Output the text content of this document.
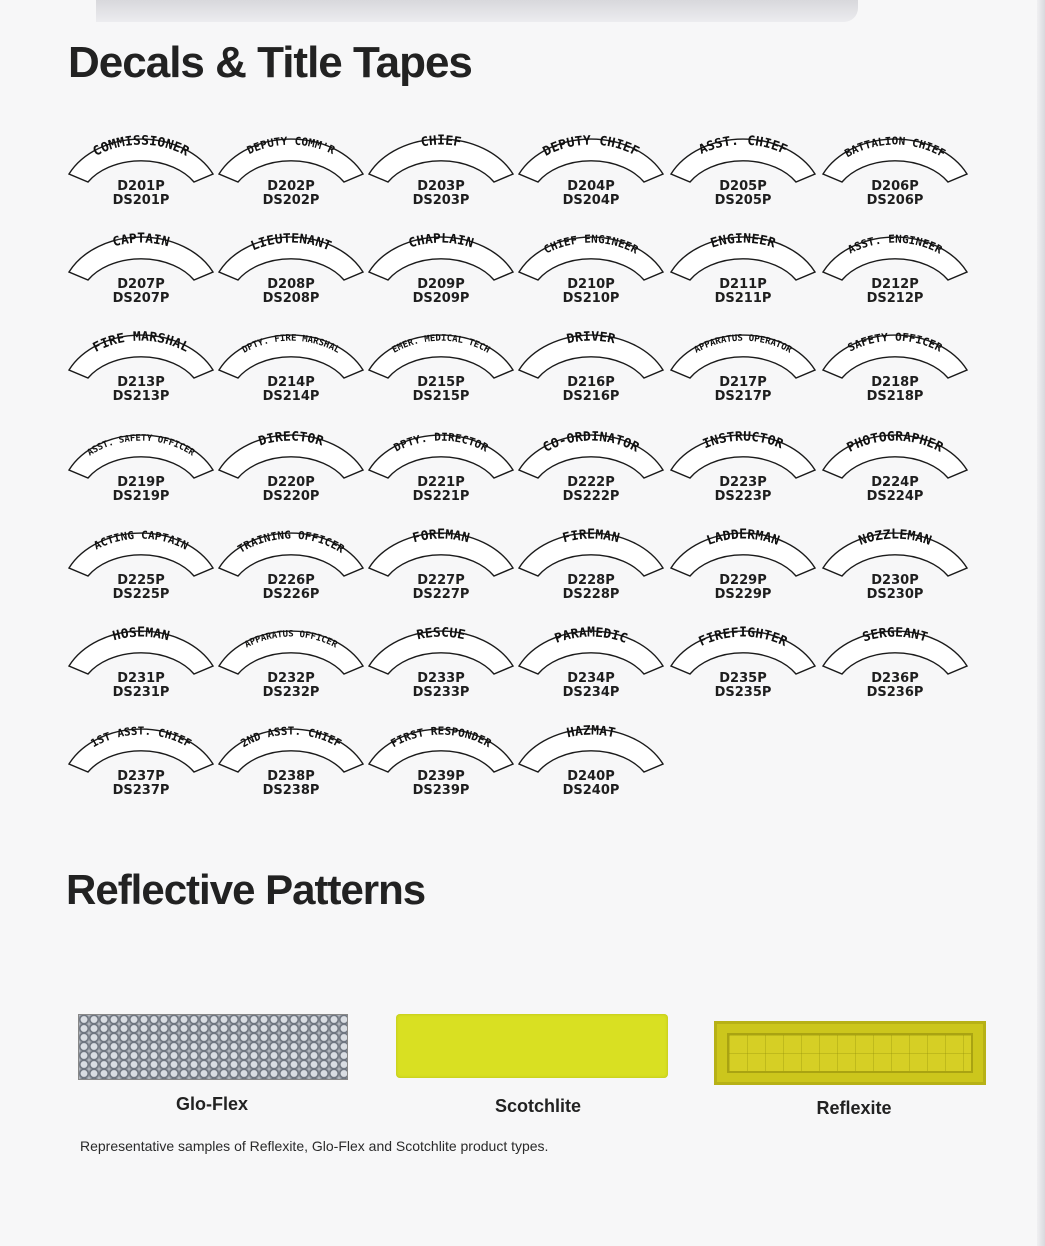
Decals & Title Tapes
COMMISSIONER
D201P
DS201P
DEPUTY COMM'R
D202P
DS202P
CHIEF
D203P
DS203P
DEPUTY CHIEF
D204P
DS204P
ASST. CHIEF
D205P
DS205P
BATTALION CHIEF
D206P
DS206P
CAPTAIN
D207P
DS207P
LIEUTENANT
D208P
DS208P
CHAPLAIN
D209P
DS209P
CHIEF ENGINEER
D210P
DS210P
ENGINEER
D211P
DS211P
ASST. ENGINEER
D212P
DS212P
FIRE MARSHAL
D213P
DS213P
DPTY. FIRE MARSHAL
D214P
DS214P
EMER. MEDICAL TECH
D215P
DS215P
DRIVER
D216P
DS216P
APPARATUS OPERATOR
D217P
DS217P
SAFETY OFFICER
D218P
DS218P
ASST. SAFETY OFFICER
D219P
DS219P
DIRECTOR
D220P
DS220P
DPTY. DIRECTOR
D221P
DS221P
CO-ORDINATOR
D222P
DS222P
INSTRUCTOR
D223P
DS223P
PHOTOGRAPHER
D224P
DS224P
ACTING CAPTAIN
D225P
DS225P
TRAINING OFFICER
D226P
DS226P
FOREMAN
D227P
DS227P
FIREMAN
D228P
DS228P
LADDERMAN
D229P
DS229P
NOZZLEMAN
D230P
DS230P
HOSEMAN
D231P
DS231P
APPARATUS OFFICER
D232P
DS232P
RESCUE
D233P
DS233P
PARAMEDIC
D234P
DS234P
FIREFIGHTER
D235P
DS235P
SERGEANT
D236P
DS236P
1ST ASST. CHIEF
D237P
DS237P
2ND ASST. CHIEF
D238P
DS238P
FIRST RESPONDER
D239P
DS239P
HAZMAT
D240P
DS240P
Reflective Patterns
Glo-Flex	Scotchlite	Reflexite
Representative samples of Reflexite, Glo-Flex and Scotchlite product types.
